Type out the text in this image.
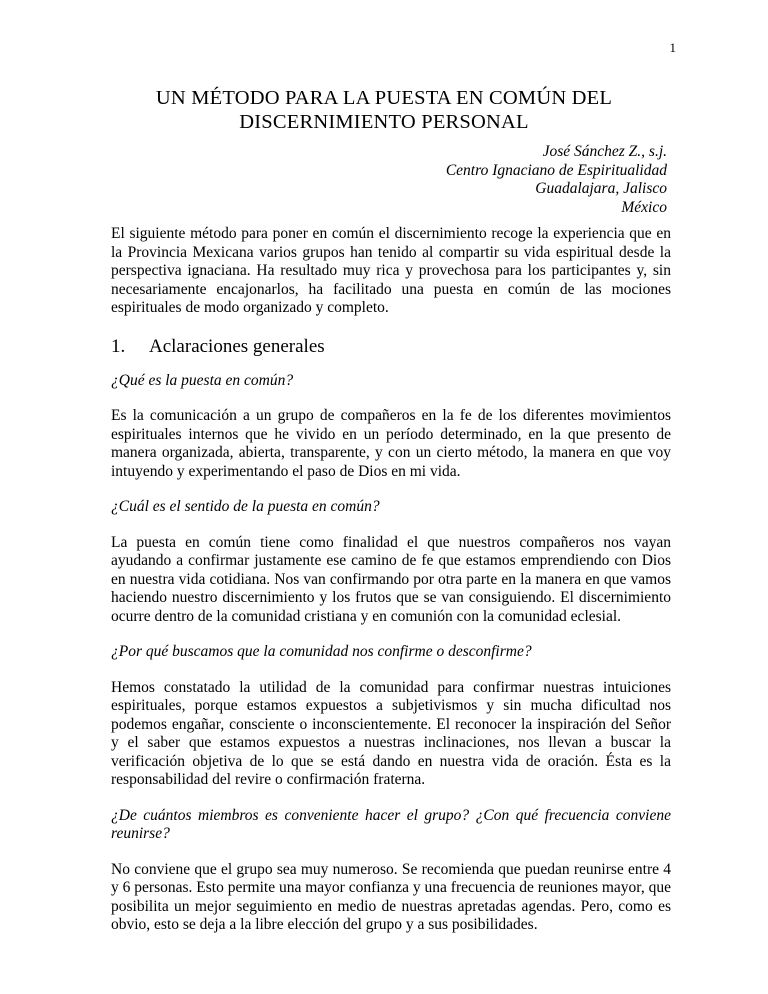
1
UN MÉTODO PARA LA PUESTA EN COMÚN DEL
DISCERNIMIENTO PERSONAL
José Sánchez Z., s.j.
Centro Ignaciano de Espiritualidad
Guadalajara, Jalisco
México

El siguiente método para poner en común el discernimiento recoge la experiencia que en la Provincia Mexicana varios grupos han tenido al compartir su vida espiritual desde la perspectiva ignaciana. Ha resultado muy rica y provechosa para los participantes y, sin necesariamente encajonarlos, ha facilitado una puesta en común de las mociones espirituales de modo organizado y completo.

1.	Aclaraciones generales

¿Qué es la puesta en común?

Es la comunicación a un grupo de compañeros en la fe de los diferentes movimientos espirituales internos que he vivido en un período determinado, en la que presento de manera organizada, abierta, transparente, y con un cierto método, la manera en que voy intuyendo y experimentando el paso de Dios en mi vida.

¿Cuál es el sentido de la puesta en común?

La puesta en común tiene como finalidad el que nuestros compañeros nos vayan ayudando a confirmar justamente ese camino de fe que estamos emprendiendo con Dios en nuestra vida cotidiana. Nos van confirmando por otra parte en la manera en que vamos haciendo nuestro discernimiento y los frutos que se van consiguiendo. El discernimiento ocurre dentro de la comunidad cristiana y en comunión con la comunidad eclesial.

¿Por qué buscamos que la comunidad nos confirme o desconfirme?

Hemos constatado la utilidad de la comunidad para confirmar nuestras intuiciones espirituales, porque estamos expuestos a subjetivismos y sin mucha dificultad nos podemos engañar, consciente o inconscientemente. El reconocer la inspiración del Señor y el saber que estamos expuestos a nuestras inclinaciones, nos llevan a buscar la verificación objetiva de lo que se está dando en nuestra vida de oración. Ésta es la responsabilidad del revire o confirmación fraterna.

¿De cuántos miembros es conveniente hacer el grupo? ¿Con qué frecuencia conviene reunirse?

No conviene que el grupo sea muy numeroso. Se recomienda que puedan reunirse entre 4 y 6 personas. Esto permite una mayor confianza y una frecuencia de reuniones mayor, que posibilita un mejor seguimiento en medio de nuestras apretadas agendas. Pero, como es obvio, esto se deja a la libre elección del grupo y a sus posibilidades.
